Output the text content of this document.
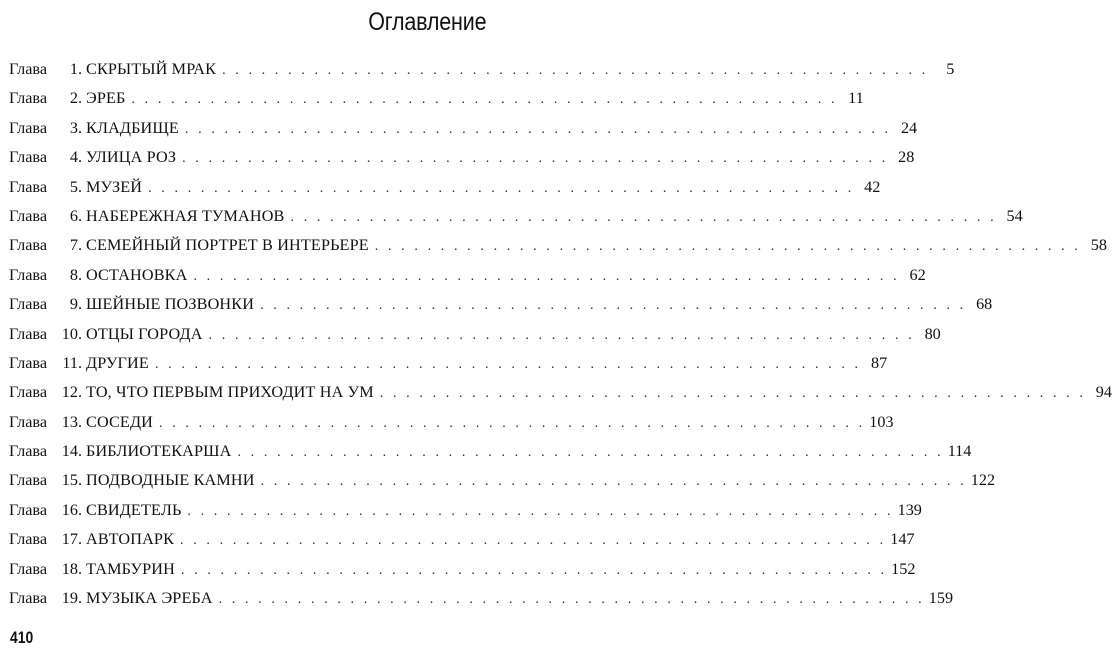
Оглавление
Глава 1. СКРЫТЫЙ МРАК . . . . . . . . . . . . . . . . . . . . . . . . . . . . . . . . . . . . . . . . . . . . . . . . . . . . . .	5
Глава 2. ЭРЕБ . . . . . . . . . . . . . . . . . . . . . . . . . . . . . . . . . . . . . . . . . . . . . . . . . . . . . . 11
Глава 3. КЛАДБИЩЕ . . . . . . . . . . . . . . . . . . . . . . . . . . . . . . . . . . . . . . . . . . . . . . . . . . . . . . 24
Глава 4. УЛИЦА РОЗ . . . . . . . . . . . . . . . . . . . . . . . . . . . . . . . . . . . . . . . . . . . . . . . . . . . . . . 28
Глава 5. МУЗЕЙ . . . . . . . . . . . . . . . . . . . . . . . . . . . . . . . . . . . . . . . . . . . . . . . . . . . . . . 42
Глава 6. НАБЕРЕЖНАЯ ТУМАНОВ . . . . . . . . . . . . . . . . . . . . . . . . . . . . . . . . . . . . . . . . . . . . . . . . . . . . . . 54
Глава 7. СЕМЕЙНЫЙ ПОРТРЕТ В ИНТЕРЬЕРЕ . . . . . . . . . . . . . . . . . . . . . . . . . . . . . . . . . . . . . . . . . . . . . . . . . . . . . . 58
Глава 8. ОСТАНОВКА . . . . . . . . . . . . . . . . . . . . . . . . . . . . . . . . . . . . . . . . . . . . . . . . . . . . . . 62
Глава 9. ШЕЙНЫЕ ПОЗВОНКИ . . . . . . . . . . . . . . . . . . . . . . . . . . . . . . . . . . . . . . . . . . . . . . . . . . . . . . 68
Глава 10. ОТЦЫ ГОРОДА . . . . . . . . . . . . . . . . . . . . . . . . . . . . . . . . . . . . . . . . . . . . . . . . . . . . . . 80
Глава 11. ДРУГИЕ . . . . . . . . . . . . . . . . . . . . . . . . . . . . . . . . . . . . . . . . . . . . . . . . . . . . . . 87
Глава 12. ТО, ЧТО ПЕРВЫМ ПРИХОДИТ НА УМ . . . . . . . . . . . . . . . . . . . . . . . . . . . . . . . . . . . . . . . . . . . . . . . . . . . . . . 94
Глава 13. СОСЕДИ . . . . . . . . . . . . . . . . . . . . . . . . . . . . . . . . . . . . . . . . . . . . . . . . . . . . . . 103
Глава 14. БИБЛИОТЕКАРША . . . . . . . . . . . . . . . . . . . . . . . . . . . . . . . . . . . . . . . . . . . . . . . . . . . . . . 114
Глава 15. ПОДВОДНЫЕ КАМНИ . . . . . . . . . . . . . . . . . . . . . . . . . . . . . . . . . . . . . . . . . . . . . . . . . . . . . . 122
Глава 16. СВИДЕТЕЛЬ . . . . . . . . . . . . . . . . . . . . . . . . . . . . . . . . . . . . . . . . . . . . . . . . . . . . . . 139
Глава 17. АВТОПАРК . . . . . . . . . . . . . . . . . . . . . . . . . . . . . . . . . . . . . . . . . . . . . . . . . . . . . . 147
Глава 18. ТАМБУРИН . . . . . . . . . . . . . . . . . . . . . . . . . . . . . . . . . . . . . . . . . . . . . . . . . . . . . . 152
Глава 19. МУЗЫКА ЭРЕБА . . . . . . . . . . . . . . . . . . . . . . . . . . . . . . . . . . . . . . . . . . . . . . . . . . . . . . 159
410
